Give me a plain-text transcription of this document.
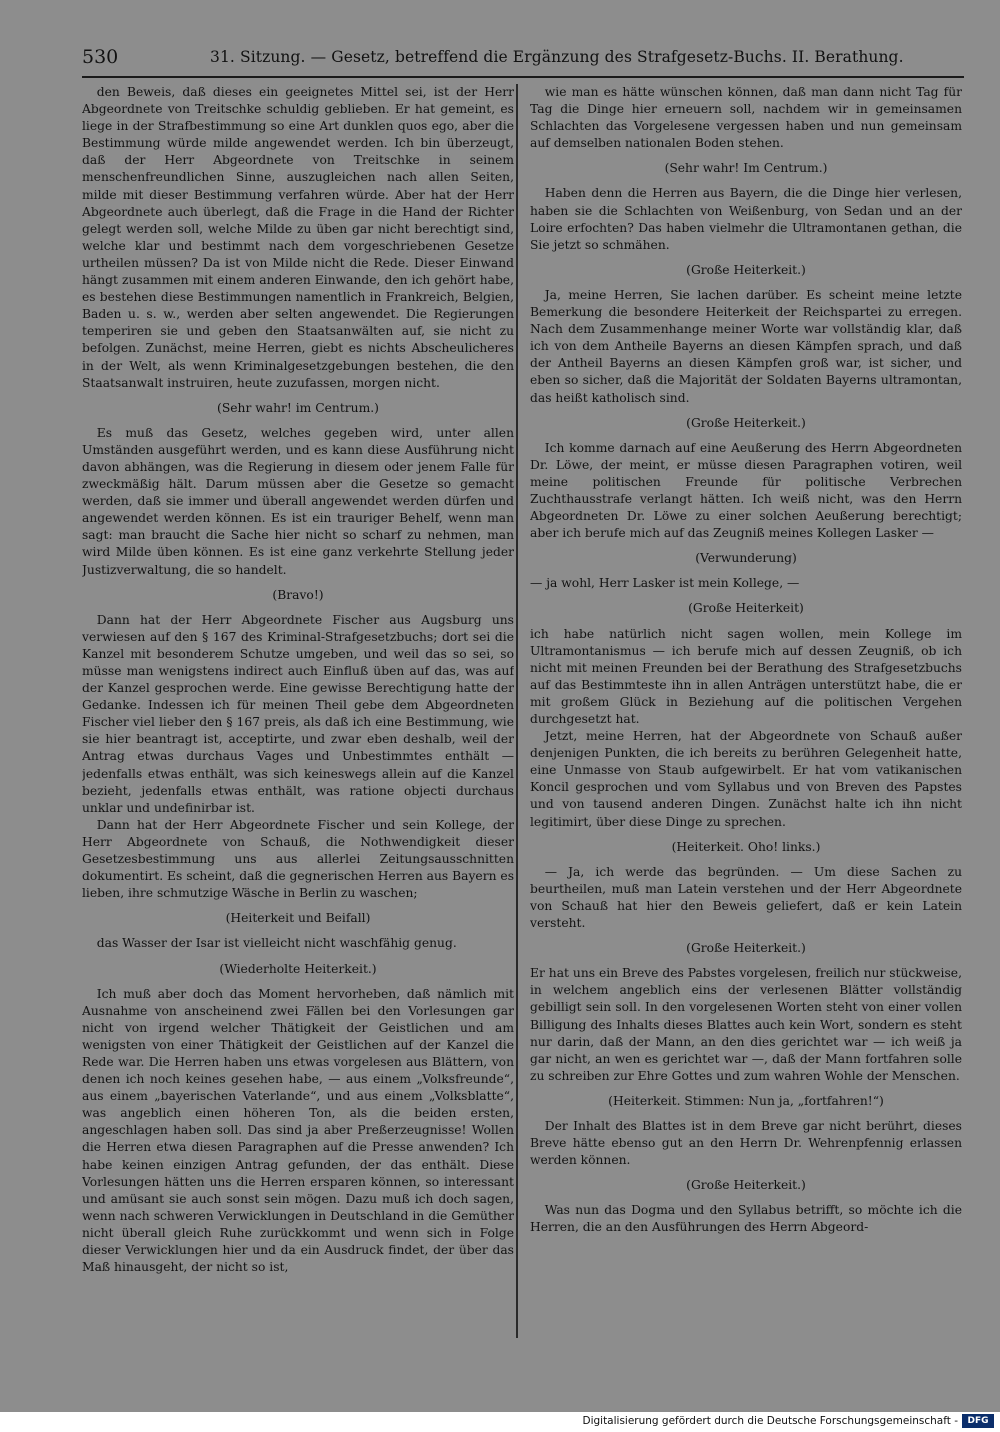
530	31. Sitzung. — Gesetz, betreffend die Ergänzung des Strafgesetz-Buchs. II. Berathung.

den Beweis, daß dieses ein geeignetes Mittel sei, ist der Herr Abgeordnete von Treitschke schuldig geblieben. Er hat gemeint, es liege in der Strafbestimmung so eine Art dunklen quos ego, aber die Bestimmung würde milde angewendet werden. Ich bin überzeugt, daß der Herr Abgeordnete von Treitschke in seinem menschenfreundlichen Sinne, auszugleichen nach allen Seiten, milde mit dieser Bestimmung verfahren würde. Aber hat der Herr Abgeordnete auch überlegt, daß die Frage in die Hand der Richter gelegt werden soll, welche Milde zu üben gar nicht berechtigt sind, welche klar und bestimmt nach dem vorgeschriebenen Gesetze urtheilen müssen? Da ist von Milde nicht die Rede. Dieser Einwand hängt zusammen mit einem anderen Einwande, den ich gehört habe, es bestehen diese Bestimmungen namentlich in Frankreich, Belgien, Baden u. s. w., werden aber selten angewendet. Die Regierungen temperiren sie und geben den Staatsanwälten auf, sie nicht zu befolgen. Zunächst, meine Herren, giebt es nichts Abscheulicheres in der Welt, als wenn Kriminalgesetzgebungen bestehen, die den Staatsanwalt instruiren, heute zuzufassen, morgen nicht.

(Sehr wahr! im Centrum.)

Es muß das Gesetz, welches gegeben wird, unter allen Umständen ausgeführt werden, und es kann diese Ausführung nicht davon abhängen, was die Regierung in diesem oder jenem Falle für zweckmäßig hält. Darum müssen aber die Gesetze so gemacht werden, daß sie immer und überall angewendet werden dürfen und angewendet werden können. Es ist ein trauriger Behelf, wenn man sagt: man braucht die Sache hier nicht so scharf zu nehmen, man wird Milde üben können. Es ist eine ganz verkehrte Stellung jeder Justizverwaltung, die so handelt.

(Bravo!)

Dann hat der Herr Abgeordnete Fischer aus Augsburg uns verwiesen auf den § 167 des Kriminal-Strafgesetzbuchs; dort sei die Kanzel mit besonderem Schutze umgeben, und weil das so sei, so müsse man wenigstens indirect auch Einfluß üben auf das, was auf der Kanzel gesprochen werde. Eine gewisse Berechtigung hatte der Gedanke. Indessen ich für meinen Theil gebe dem Abgeordneten Fischer viel lieber den § 167 preis, als daß ich eine Bestimmung, wie sie hier beantragt ist, acceptirte, und zwar eben deshalb, weil der Antrag etwas durchaus Vages und Unbestimmtes enthält — jedenfalls etwas enthält, was sich keineswegs allein auf die Kanzel bezieht, jedenfalls etwas enthält, was ratione objecti durchaus unklar und undefinirbar ist.

Dann hat der Herr Abgeordnete Fischer und sein Kollege, der Herr Abgeordnete von Schauß, die Nothwendigkeit dieser Gesetzesbestimmung uns aus allerlei Zeitungsausschnitten dokumentirt. Es scheint, daß die gegnerischen Herren aus Bayern es lieben, ihre schmutzige Wäsche in Berlin zu waschen;

(Heiterkeit und Beifall)

das Wasser der Isar ist vielleicht nicht waschfähig genug.

(Wiederholte Heiterkeit.)

Ich muß aber doch das Moment hervorheben, daß nämlich mit Ausnahme von anscheinend zwei Fällen bei den Vorlesungen gar nicht von irgend welcher Thätigkeit der Geistlichen und am wenigsten von einer Thätigkeit der Geistlichen auf der Kanzel die Rede war. Die Herren haben uns etwas vorgelesen aus Blättern, von denen ich noch keines gesehen habe, — aus einem „Volksfreunde“, aus einem „bayerischen Vaterlande“, und aus einem „Volksblatte“, was angeblich einen höheren Ton, als die beiden ersten, angeschlagen haben soll. Das sind ja aber Preßerzeugnisse! Wollen die Herren etwa diesen Paragraphen auf die Presse anwenden? Ich habe keinen einzigen Antrag gefunden, der das enthält. Diese Vorlesungen hätten uns die Herren ersparen können, so interessant und amüsant sie auch sonst sein mögen. Dazu muß ich doch sagen, wenn nach schweren Verwicklungen in Deutschland in die Gemüther nicht überall gleich Ruhe zurückkommt und wenn sich in Folge dieser Verwicklungen hier und da ein Ausdruck findet, der über das Maß hinausgeht, der nicht so ist,

wie man es hätte wünschen können, daß man dann nicht Tag für Tag die Dinge hier erneuern soll, nachdem wir in gemeinsamen Schlachten das Vorgelesene vergessen haben und nun gemeinsam auf demselben nationalen Boden stehen.

(Sehr wahr! Im Centrum.)

Haben denn die Herren aus Bayern, die die Dinge hier verlesen, haben sie die Schlachten von Weißenburg, von Sedan und an der Loire erfochten? Das haben vielmehr die Ultramontanen gethan, die Sie jetzt so schmähen.

(Große Heiterkeit.)

Ja, meine Herren, Sie lachen darüber. Es scheint meine letzte Bemerkung die besondere Heiterkeit der Reichspartei zu erregen. Nach dem Zusammenhange meiner Worte war vollständig klar, daß ich von dem Antheile Bayerns an diesen Kämpfen sprach, und daß der Antheil Bayerns an diesen Kämpfen groß war, ist sicher, und eben so sicher, daß die Majorität der Soldaten Bayerns ultramontan, das heißt katholisch sind.

(Große Heiterkeit.)

Ich komme darnach auf eine Aeußerung des Herrn Abgeordneten Dr. Löwe, der meint, er müsse diesen Paragraphen votiren, weil meine politischen Freunde für politische Verbrechen Zuchthausstrafe verlangt hätten. Ich weiß nicht, was den Herrn Abgeordneten Dr. Löwe zu einer solchen Aeußerung berechtigt; aber ich berufe mich auf das Zeugniß meines Kollegen Lasker —

(Verwunderung)

— ja wohl, Herr Lasker ist mein Kollege, —

(Große Heiterkeit)

ich habe natürlich nicht sagen wollen, mein Kollege im Ultramontanismus — ich berufe mich auf dessen Zeugniß, ob ich nicht mit meinen Freunden bei der Berathung des Strafgesetzbuchs auf das Bestimmteste ihn in allen Anträgen unterstützt habe, die er mit großem Glück in Beziehung auf die politischen Vergehen durchgesetzt hat.

Jetzt, meine Herren, hat der Abgeordnete von Schauß außer denjenigen Punkten, die ich bereits zu berühren Gelegenheit hatte, eine Unmasse von Staub aufgewirbelt. Er hat vom vatikanischen Koncil gesprochen und vom Syllabus und von Breven des Papstes und von tausend anderen Dingen. Zunächst halte ich ihn nicht legitimirt, über diese Dinge zu sprechen.

(Heiterkeit. Oho! links.)

— Ja, ich werde das begründen. — Um diese Sachen zu beurtheilen, muß man Latein verstehen und der Herr Abgeordnete von Schauß hat hier den Beweis geliefert, daß er kein Latein versteht.

(Große Heiterkeit.)

Er hat uns ein Breve des Pabstes vorgelesen, freilich nur stückweise, in welchem angeblich eins der verlesenen Blätter vollständig gebilligt sein soll. In den vorgelesenen Worten steht von einer vollen Billigung des Inhalts dieses Blattes auch kein Wort, sondern es steht nur darin, daß der Mann, an den dies gerichtet war — ich weiß ja gar nicht, an wen es gerichtet war —, daß der Mann fortfahren solle zu schreiben zur Ehre Gottes und zum wahren Wohle der Menschen.

(Heiterkeit. Stimmen: Nun ja, „fortfahren!“)

Der Inhalt des Blattes ist in dem Breve gar nicht berührt, dieses Breve hätte ebenso gut an den Herrn Dr. Wehrenpfennig erlassen werden können.

(Große Heiterkeit.)

Was nun das Dogma und den Syllabus betrifft, so möchte ich die Herren, die an den Ausführungen des Herrn Abgeord-

Digitalisierung gefördert durch die Deutsche Forschungsgemeinschaft -	DFG
